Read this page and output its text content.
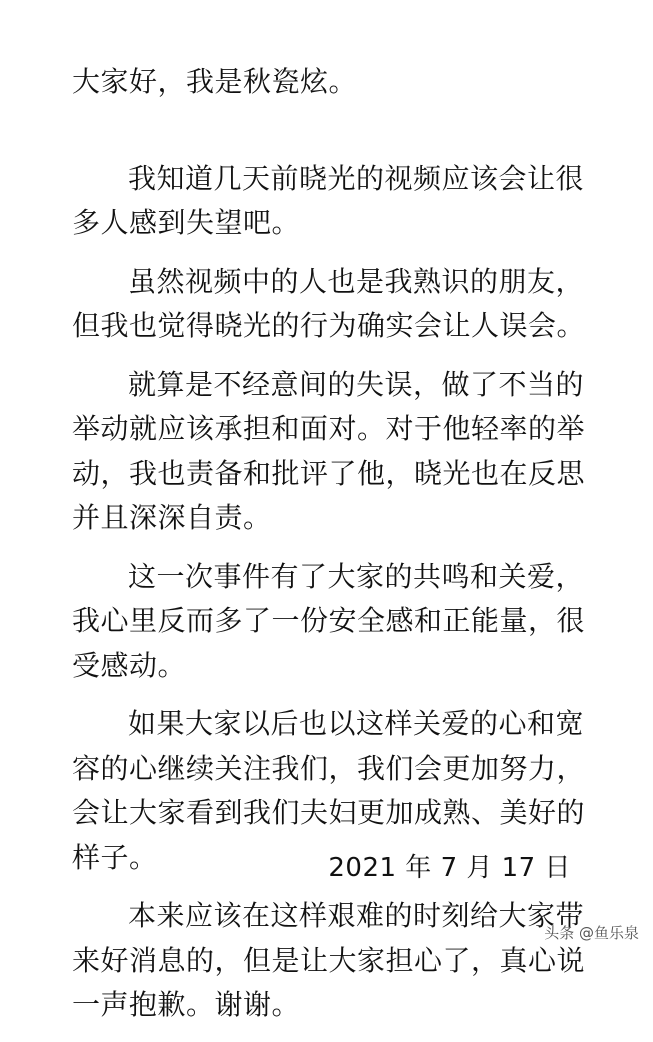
大家好，我是秋瓷炫。

我知道几天前晓光的视频应该会让很多人感到失望吧。

虽然视频中的人也是我熟识的朋友，但我也觉得晓光的行为确实会让人误会。

就算是不经意间的失误，做了不当的举动就应该承担和面对。对于他轻率的举动，我也责备和批评了他，晓光也在反思并且深深自责。

这一次事件有了大家的共鸣和关爱，我心里反而多了一份安全感和正能量，很受感动。

如果大家以后也以这样关爱的心和宽容的心继续关注我们，我们会更加努力，会让大家看到我们夫妇更加成熟、美好的样子。

本来应该在这样艰难的时刻给大家带来好消息的，但是让大家担心了，真心说一声抱歉。谢谢。

2021 年 7 月 17 日
头条 @鱼乐泉
